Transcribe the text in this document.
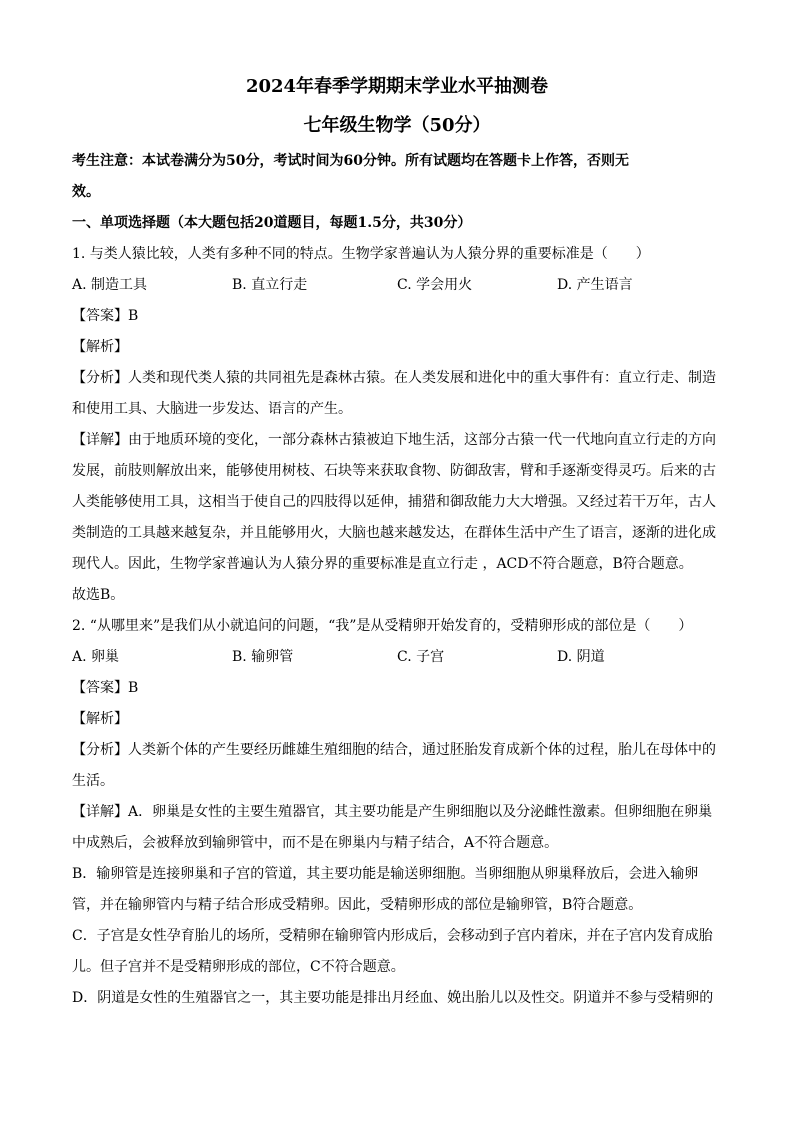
2024年春季学期期末学业水平抽测卷
七年级生物学（50分）
考生注意：本试卷满分为50分，考试时间为60分钟。所有试题均在答题卡上作答，否则无
效。
一、单项选择题（本大题包括20道题目，每题1.5分，共30分）
1. 与类人猿比较，人类有多种不同的特点。生物学家普遍认为人猿分界的重要标准是（　　）
A. 制造工具	B. 直立行走	C. 学会用火	D. 产生语言
【答案】B
【解析】
【分析】人类和现代类人猿的共同祖先是森林古猿。在人类发展和进化中的重大事件有：直立行走、制造
和使用工具、大脑进一步发达、语言的产生。
【详解】由于地质环境的变化，一部分森林古猿被迫下地生活，这部分古猿一代一代地向直立行走的方向
发展，前肢则解放出来，能够使用树枝、石块等来获取食物、防御敌害，臂和手逐渐变得灵巧。后来的古
人类能够使用工具，这相当于使自己的四肢得以延伸，捕猎和御敌能力大大增强。又经过若干万年，古人
类制造的工具越来越复杂，并且能够用火，大脑也越来越发达，在群体生活中产生了语言，逐渐的进化成
现代人。因此，生物学家普遍认为人猿分界的重要标准是直立行走 ，ACD不符合题意，B符合题意。
故选B。
2. “从哪里来”是我们从小就追问的问题，“我”是从受精卵开始发育的，受精卵形成的部位是（　　）
A. 卵巢	B. 输卵管	C. 子宫	D. 阴道
【答案】B
【解析】
【分析】人类新个体的产生要经历雌雄生殖细胞的结合，通过胚胎发育成新个体的过程，胎儿在母体中的
生活。
【详解】A．卵巢是女性的主要生殖器官，其主要功能是产生卵细胞以及分泌雌性激素。但卵细胞在卵巢
中成熟后，会被释放到输卵管中，而不是在卵巢内与精子结合，A不符合题意。
B．输卵管是连接卵巢和子宫的管道，其主要功能是输送卵细胞。当卵细胞从卵巢释放后，会进入输卵
管，并在输卵管内与精子结合形成受精卵。因此，受精卵形成的部位是输卵管，B符合题意。
C．子宫是女性孕育胎儿的场所，受精卵在输卵管内形成后，会移动到子宫内着床，并在子宫内发育成胎
儿。但子宫并不是受精卵形成的部位，C不符合题意。
D．阴道是女性的生殖器官之一，其主要功能是排出月经血、娩出胎儿以及性交。阴道并不参与受精卵的
